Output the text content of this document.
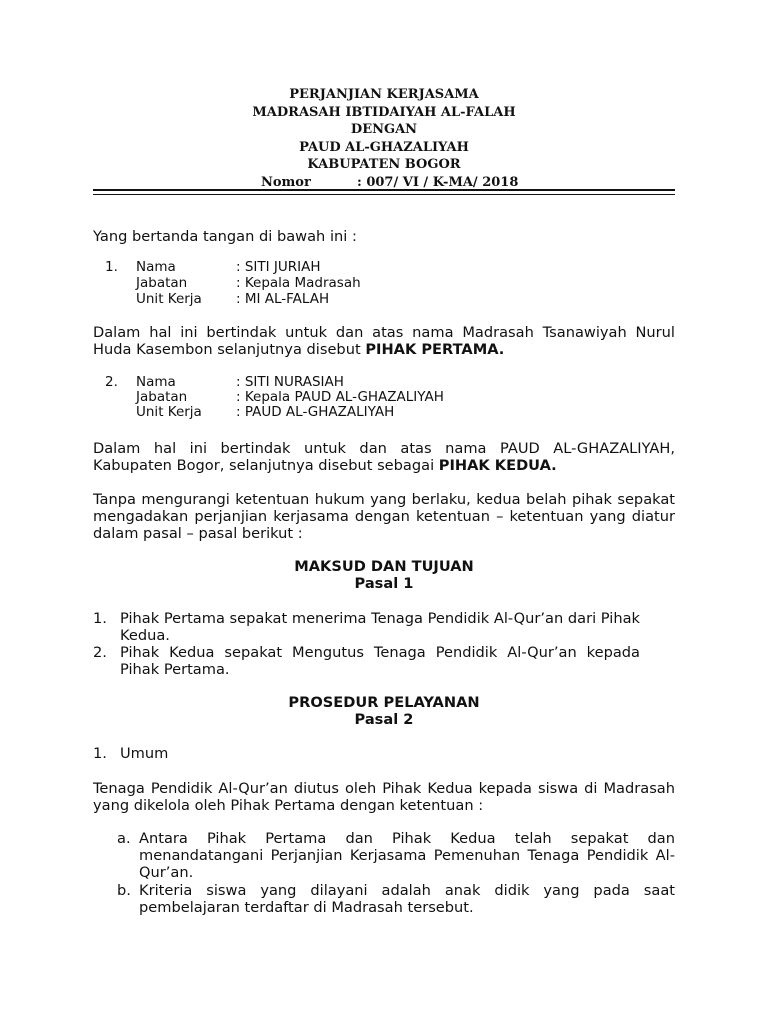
PERJANJIAN KERJASAMA
MADRASAH IBTIDAIYAH AL-FALAH
DENGAN
PAUD AL-GHAZALIYAH
KABUPATEN BOGOR
Nomor	: 007/ VI / K-MA/ 2018
Yang bertanda tangan di bawah ini :
1. Nama	: SITI JURIAH
Jabatan	: Kepala Madrasah
Unit Kerja	: MI AL-FALAH
Dalam hal ini bertindak untuk dan atas nama Madrasah Tsanawiyah Nurul Huda Kasembon selanjutnya disebut PIHAK PERTAMA.
2. Nama	: SITI NURASIAH
Jabatan	: Kepala PAUD AL-GHAZALIYAH
Unit Kerja	: PAUD AL-GHAZALIYAH
Dalam hal ini bertindak untuk dan atas nama PAUD AL-GHAZALIYAH, Kabupaten Bogor, selanjutnya disebut sebagai PIHAK KEDUA.
Tanpa mengurangi ketentuan hukum yang berlaku, kedua belah pihak sepakat mengadakan perjanjian kerjasama dengan ketentuan – ketentuan yang diatur dalam pasal – pasal berikut :
MAKSUD DAN TUJUAN
Pasal 1
1. Pihak Pertama sepakat menerima Tenaga Pendidik Al-Qur’an dari Pihak Kedua.
2. Pihak Kedua sepakat Mengutus Tenaga Pendidik Al-Qur’an kepada Pihak Pertama.
PROSEDUR PELAYANAN
Pasal 2
1. Umum
Tenaga Pendidik Al-Qur’an diutus oleh Pihak Kedua kepada siswa di Madrasah yang dikelola oleh Pihak Pertama dengan ketentuan :
a. Antara Pihak Pertama dan Pihak Kedua telah sepakat dan menandatangani Perjanjian Kerjasama Pemenuhan Tenaga Pendidik Al-Qur’an.
b. Kriteria siswa yang dilayani adalah anak didik yang pada saat pembelajaran terdaftar di Madrasah tersebut.
